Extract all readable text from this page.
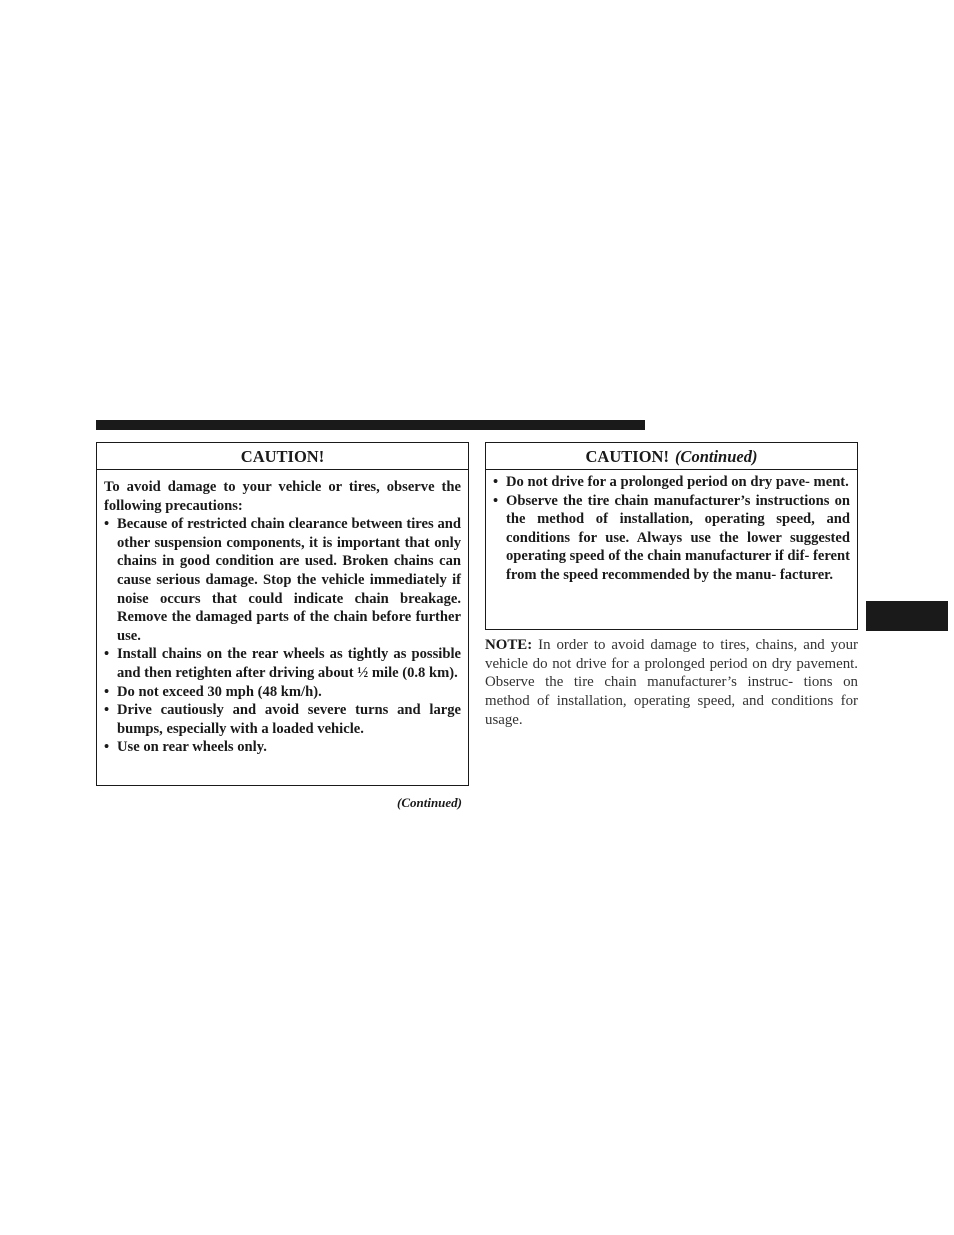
CAUTION!

To avoid damage to your vehicle or tires, observe the following precautions:

• Because of restricted chain clearance between tires and other suspension components, it is important that only chains in good condition are used. Broken chains can cause serious damage. Stop the vehicle immediately if noise occurs that could indicate chain breakage. Remove the damaged parts of the chain before further use.
• Install chains on the rear wheels as tightly as possible and then retighten after driving about ½ mile (0.8 km).
• Do not exceed 30 mph (48 km/h).
• Drive cautiously and avoid severe turns and large bumps, especially with a loaded vehicle.
• Use on rear wheels only.
(Continued)
CAUTION! (Continued)
• Do not drive for a prolonged period on dry pave- ment.
• Observe the tire chain manufacturer’s instructions on the method of installation, operating speed, and conditions for use. Always use the lower suggested operating speed of the chain manufacturer if dif- ferent from the speed recommended by the manu- facturer.
NOTE: In order to avoid damage to tires, chains, and your vehicle do not drive for a prolonged period on dry pavement. Observe the tire chain manufacturer’s instruc- tions on method of installation, operating speed, and conditions for usage.
